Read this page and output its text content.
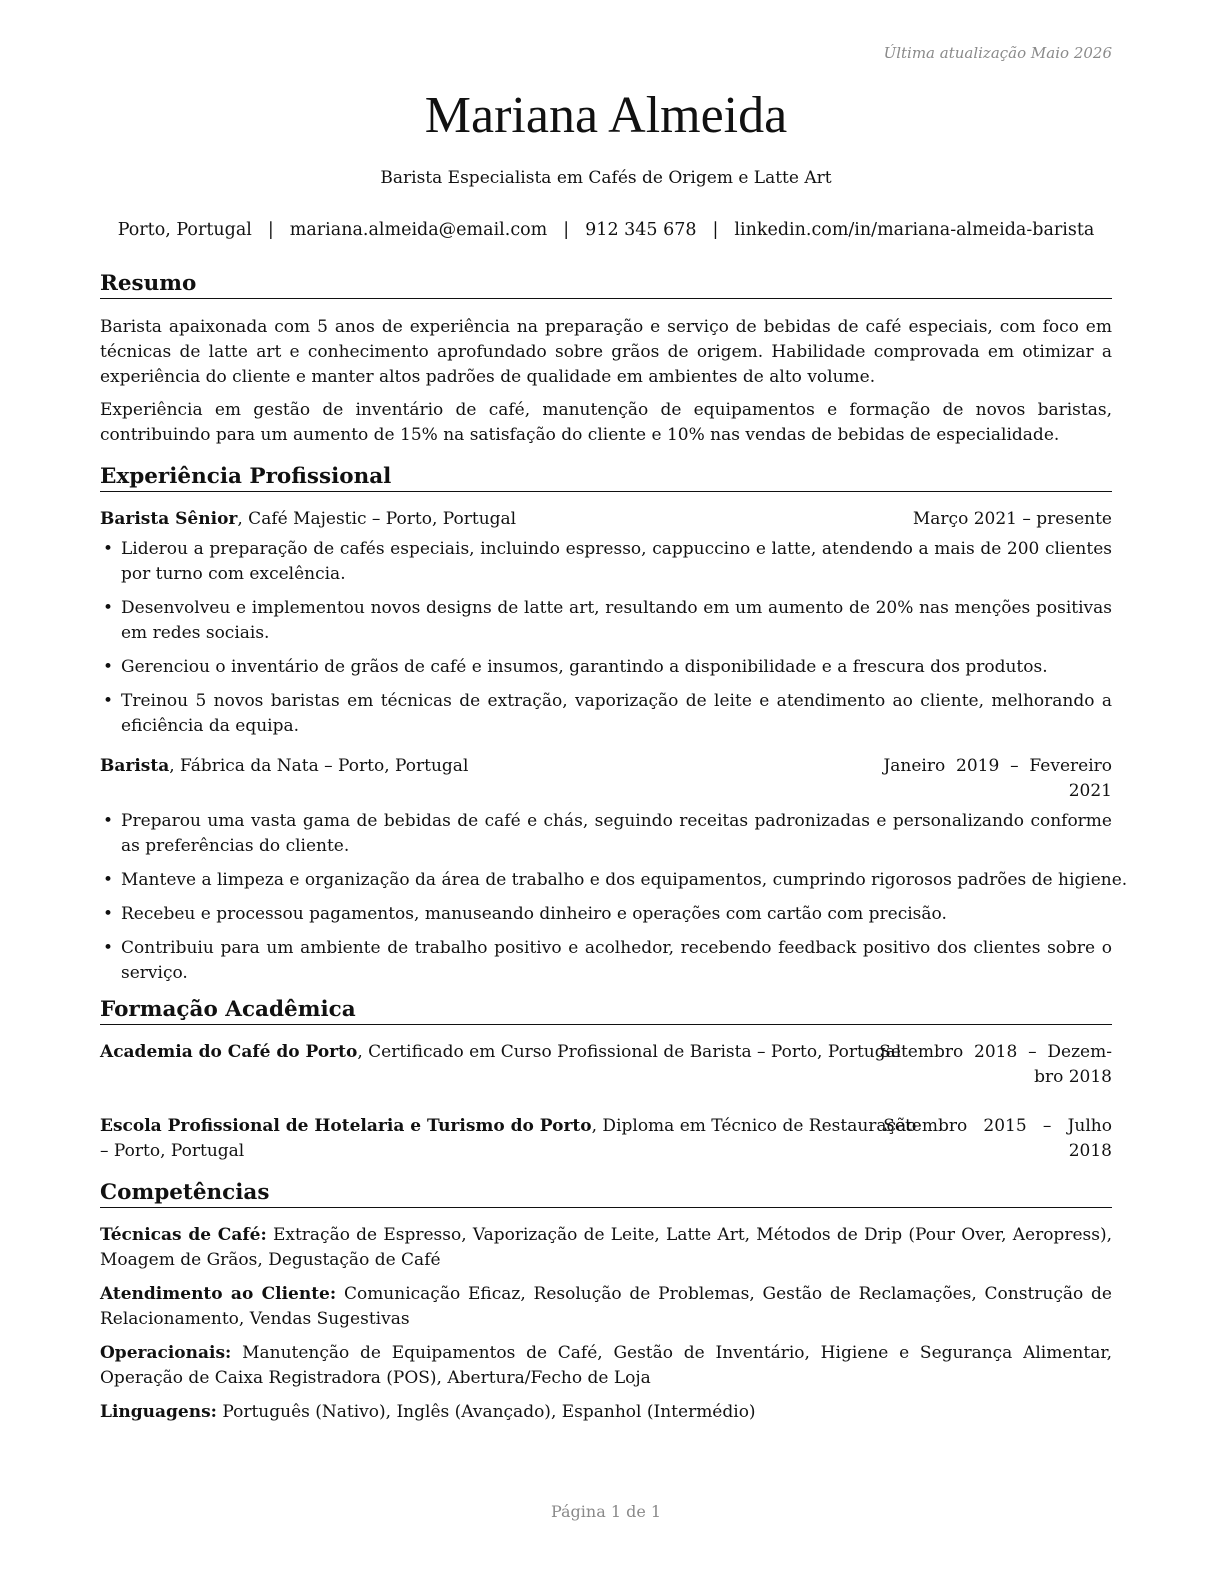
Última atualização Maio 2026
Mariana Almeida
Barista Especialista em Cafés de Origem e Latte Art
Porto, Portugal | mariana.almeida@email.com | 912 345 678 | linkedin.com/in/mariana-almeida-barista
Resumo
Barista apaixonada com 5 anos de experiência na preparação e serviço de bebidas de café especiais, com foco em técnicas de latte art e conhecimento aprofundado sobre grãos de origem. Habilidade comprovada em otimizar a experiência do cliente e manter altos padrões de qualidade em ambientes de alto volume.
Experiência em gestão de inventário de café, manutenção de equipamentos e formação de novos baristas, contribuindo para um aumento de 15% na satisfação do cliente e 10% nas vendas de bebidas de especialidade.
Experiência Profissional
Barista Sênior, Café Majestic – Porto, Portugal	Março 2021 – presente
• Liderou a preparação de cafés especiais, incluindo espresso, cappuccino e latte, atendendo a mais de 200 clientes por turno com excelência.
• Desenvolveu e implementou novos designs de latte art, resultando em um aumento de 20% nas menções positivas em redes sociais.
• Gerenciou o inventário de grãos de café e insumos, garantindo a disponibilidade e a frescura dos produtos.
• Treinou 5 novos baristas em técnicas de extração, vaporização de leite e atendimento ao cliente, melhorando a eficiência da equipa.
Barista, Fábrica da Nata – Porto, Portugal	Janeiro  2019  –  Fevereiro
2021
• Preparou uma vasta gama de bebidas de café e chás, seguindo receitas padronizadas e personalizando conforme as preferências do cliente.
• Manteve a limpeza e organização da área de trabalho e dos equipamentos, cumprindo rigorosos padrões de higiene.
• Recebeu e processou pagamentos, manuseando dinheiro e operações com cartão com precisão.
• Contribuiu para um ambiente de trabalho positivo e acolhedor, recebendo feedback positivo dos clientes sobre o serviço.
Formação Acadêmica
Academia do Café do Porto, Certificado em Curso Profissional de Barista – Porto, Portugal
Setembro  2018  –  Dezem-
bro 2018
Escola Profissional de Hotelaria e Turismo do Porto, Diploma em Técnico de Restauração
– Porto, Portugal
Setembro   2015   –   Julho
2018
Competências
Técnicas de Café: Extração de Espresso, Vaporização de Leite, Latte Art, Métodos de Drip (Pour Over, Aeropress), Moagem de Grãos, Degustação de Café
Atendimento ao Cliente: Comunicação Eficaz, Resolução de Problemas, Gestão de Reclamações, Construção de Relacionamento, Vendas Sugestivas
Operacionais: Manutenção de Equipamentos de Café, Gestão de Inventário, Higiene e Segurança Alimentar, Operação de Caixa Registradora (POS), Abertura/Fecho de Loja
Linguagens: Português (Nativo), Inglês (Avançado), Espanhol (Intermédio)
Página 1 de 1
